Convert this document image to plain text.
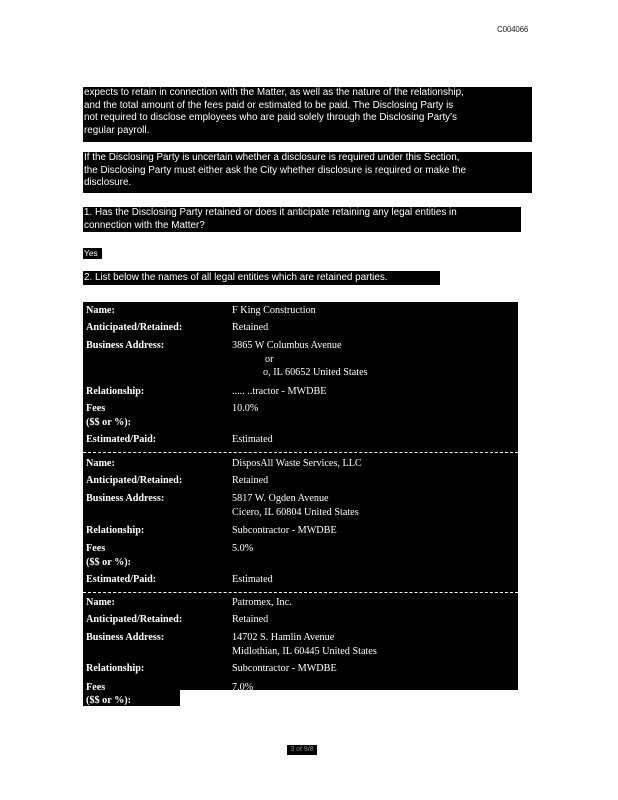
C004066
expects to retain in connection with the Matter, as well as the nature of the relationship,
and the total amount of the fees paid or estimated to be paid. The Disclosing Party is
not required to disclose employees who are paid solely through the Disclosing Party's
regular payroll.
If the Disclosing Party is uncertain whether a disclosure is required under this Section,
the Disclosing Party must either ask the City whether disclosure is required or make the
disclosure.
1. Has the Disclosing Party retained or does it anticipate retaining any legal entities in
connection with the Matter?
Yes
2. List below the names of all legal entities which are retained parties.
Name:	F King Construction
Anticipated/Retained:	Retained
Business Address:	3865 W Columbus Avenue
or
o, IL 60652 United States
Relationship:	..... ..tractor - MWDBE
Fees	10.0%
($$ or %):
Estimated/Paid:	Estimated
Name:	DisposAll Waste Services, LLC
Anticipated/Retained:	Retained
Business Address:	5817 W. Ogden Avenue
Cicero, IL 60804 United States
Relationship:	Subcontractor - MWDBE
Fees	5.0%
($$ or %):
Estimated/Paid:	Estimated
Name:	Patromex, Inc.
Anticipated/Retained:	Retained
Business Address:	14702 S. Hamlin Avenue
Midlothian, IL 60445 United States
Relationship:	Subcontractor - MWDBE
Fees	7.0%
($$ or %):
3 of 9/8
